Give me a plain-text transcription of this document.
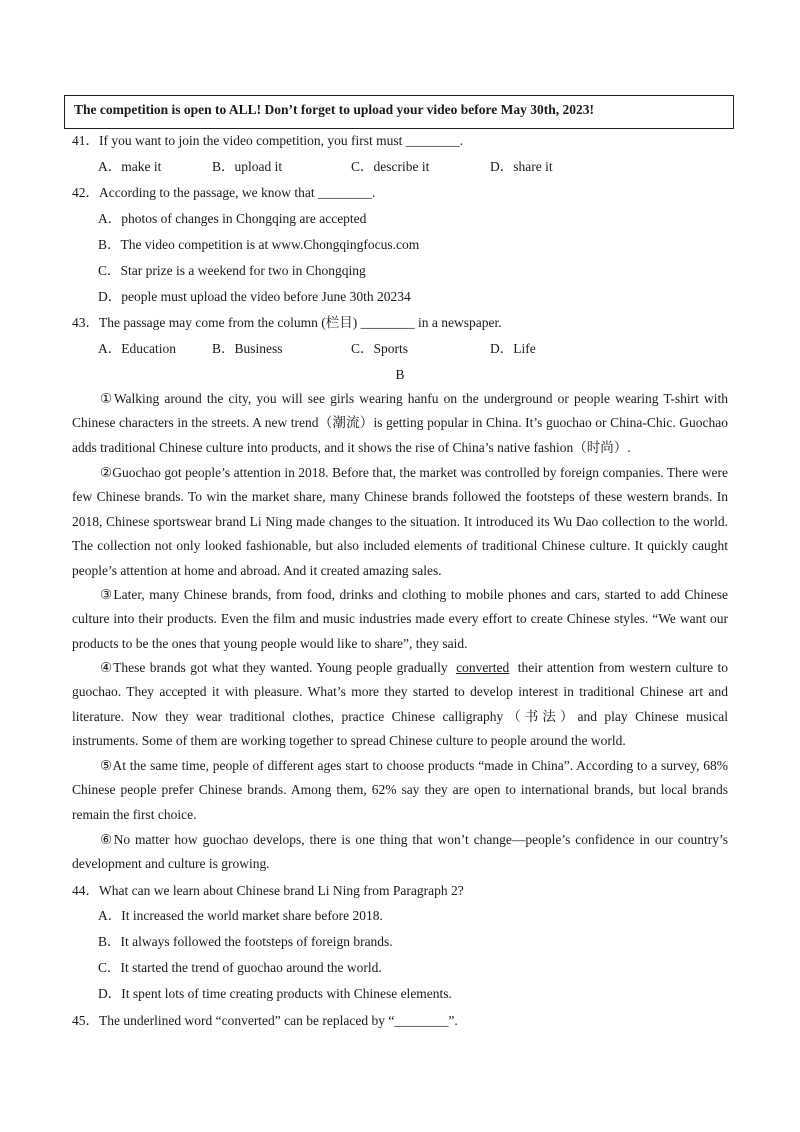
The competition is open to ALL! Don’t forget to upload your video before May 30th, 2023!
41．If you want to join the video competition, you first must ________.
A．make it	B．upload it	C．describe it	D．share it
42．According to the passage, we know that ________.
A．photos of changes in Chongqing are accepted
B．The video competition is at www.Chongqingfocus.com
C．Star prize is a weekend for two in Chongqing
D．people must upload the video before June 30th 20234
43．The passage may come from the column (栏目) ________ in a newspaper.
A．Education	B．Business	C．Sports	D．Life
B
①Walking around the city, you will see girls wearing hanfu on the underground or people wearing T-shirt with Chinese characters in the streets. A new trend（潮流）is getting popular in China. It’s guochao or China-Chic. Guochao adds traditional Chinese culture into products, and it shows the rise of China’s native fashion（时尚）.
②Guochao got people’s attention in 2018. Before that, the market was controlled by foreign companies. There were few Chinese brands. To win the market share, many Chinese brands followed the footsteps of these western brands. In 2018, Chinese sportswear brand Li Ning made changes to the situation. It introduced its Wu Dao collection to the world. The collection not only looked fashionable, but also included elements of traditional Chinese culture. It quickly caught people’s attention at home and abroad. And it created amazing sales.
③Later, many Chinese brands, from food, drinks and clothing to mobile phones and cars, started to add Chinese culture into their products. Even the film and music industries made every effort to create Chinese styles. “We want our products to be the ones that young people would like to share”, they said.
④These brands got what they wanted. Young people gradually converted their attention from western culture to guochao. They accepted it with pleasure. What’s more they started to develop interest in traditional Chinese art and literature. Now they wear traditional clothes, practice Chinese calligraphy（书法）and play Chinese musical instruments. Some of them are working together to spread Chinese culture to people around the world.
⑤At the same time, people of different ages start to choose products “made in China”. According to a survey, 68% Chinese people prefer Chinese brands. Among them, 62% say they are open to international brands, but local brands remain the first choice.
⑥No matter how guochao develops, there is one thing that won’t change—people’s confidence in our country’s development and culture is growing.
44．What can we learn about Chinese brand Li Ning from Paragraph 2?
A．It increased the world market share before 2018.
B．It always followed the footsteps of foreign brands.
C．It started the trend of guochao around the world.
D．It spent lots of time creating products with Chinese elements.
45．The underlined word “converted” can be replaced by “________”.
